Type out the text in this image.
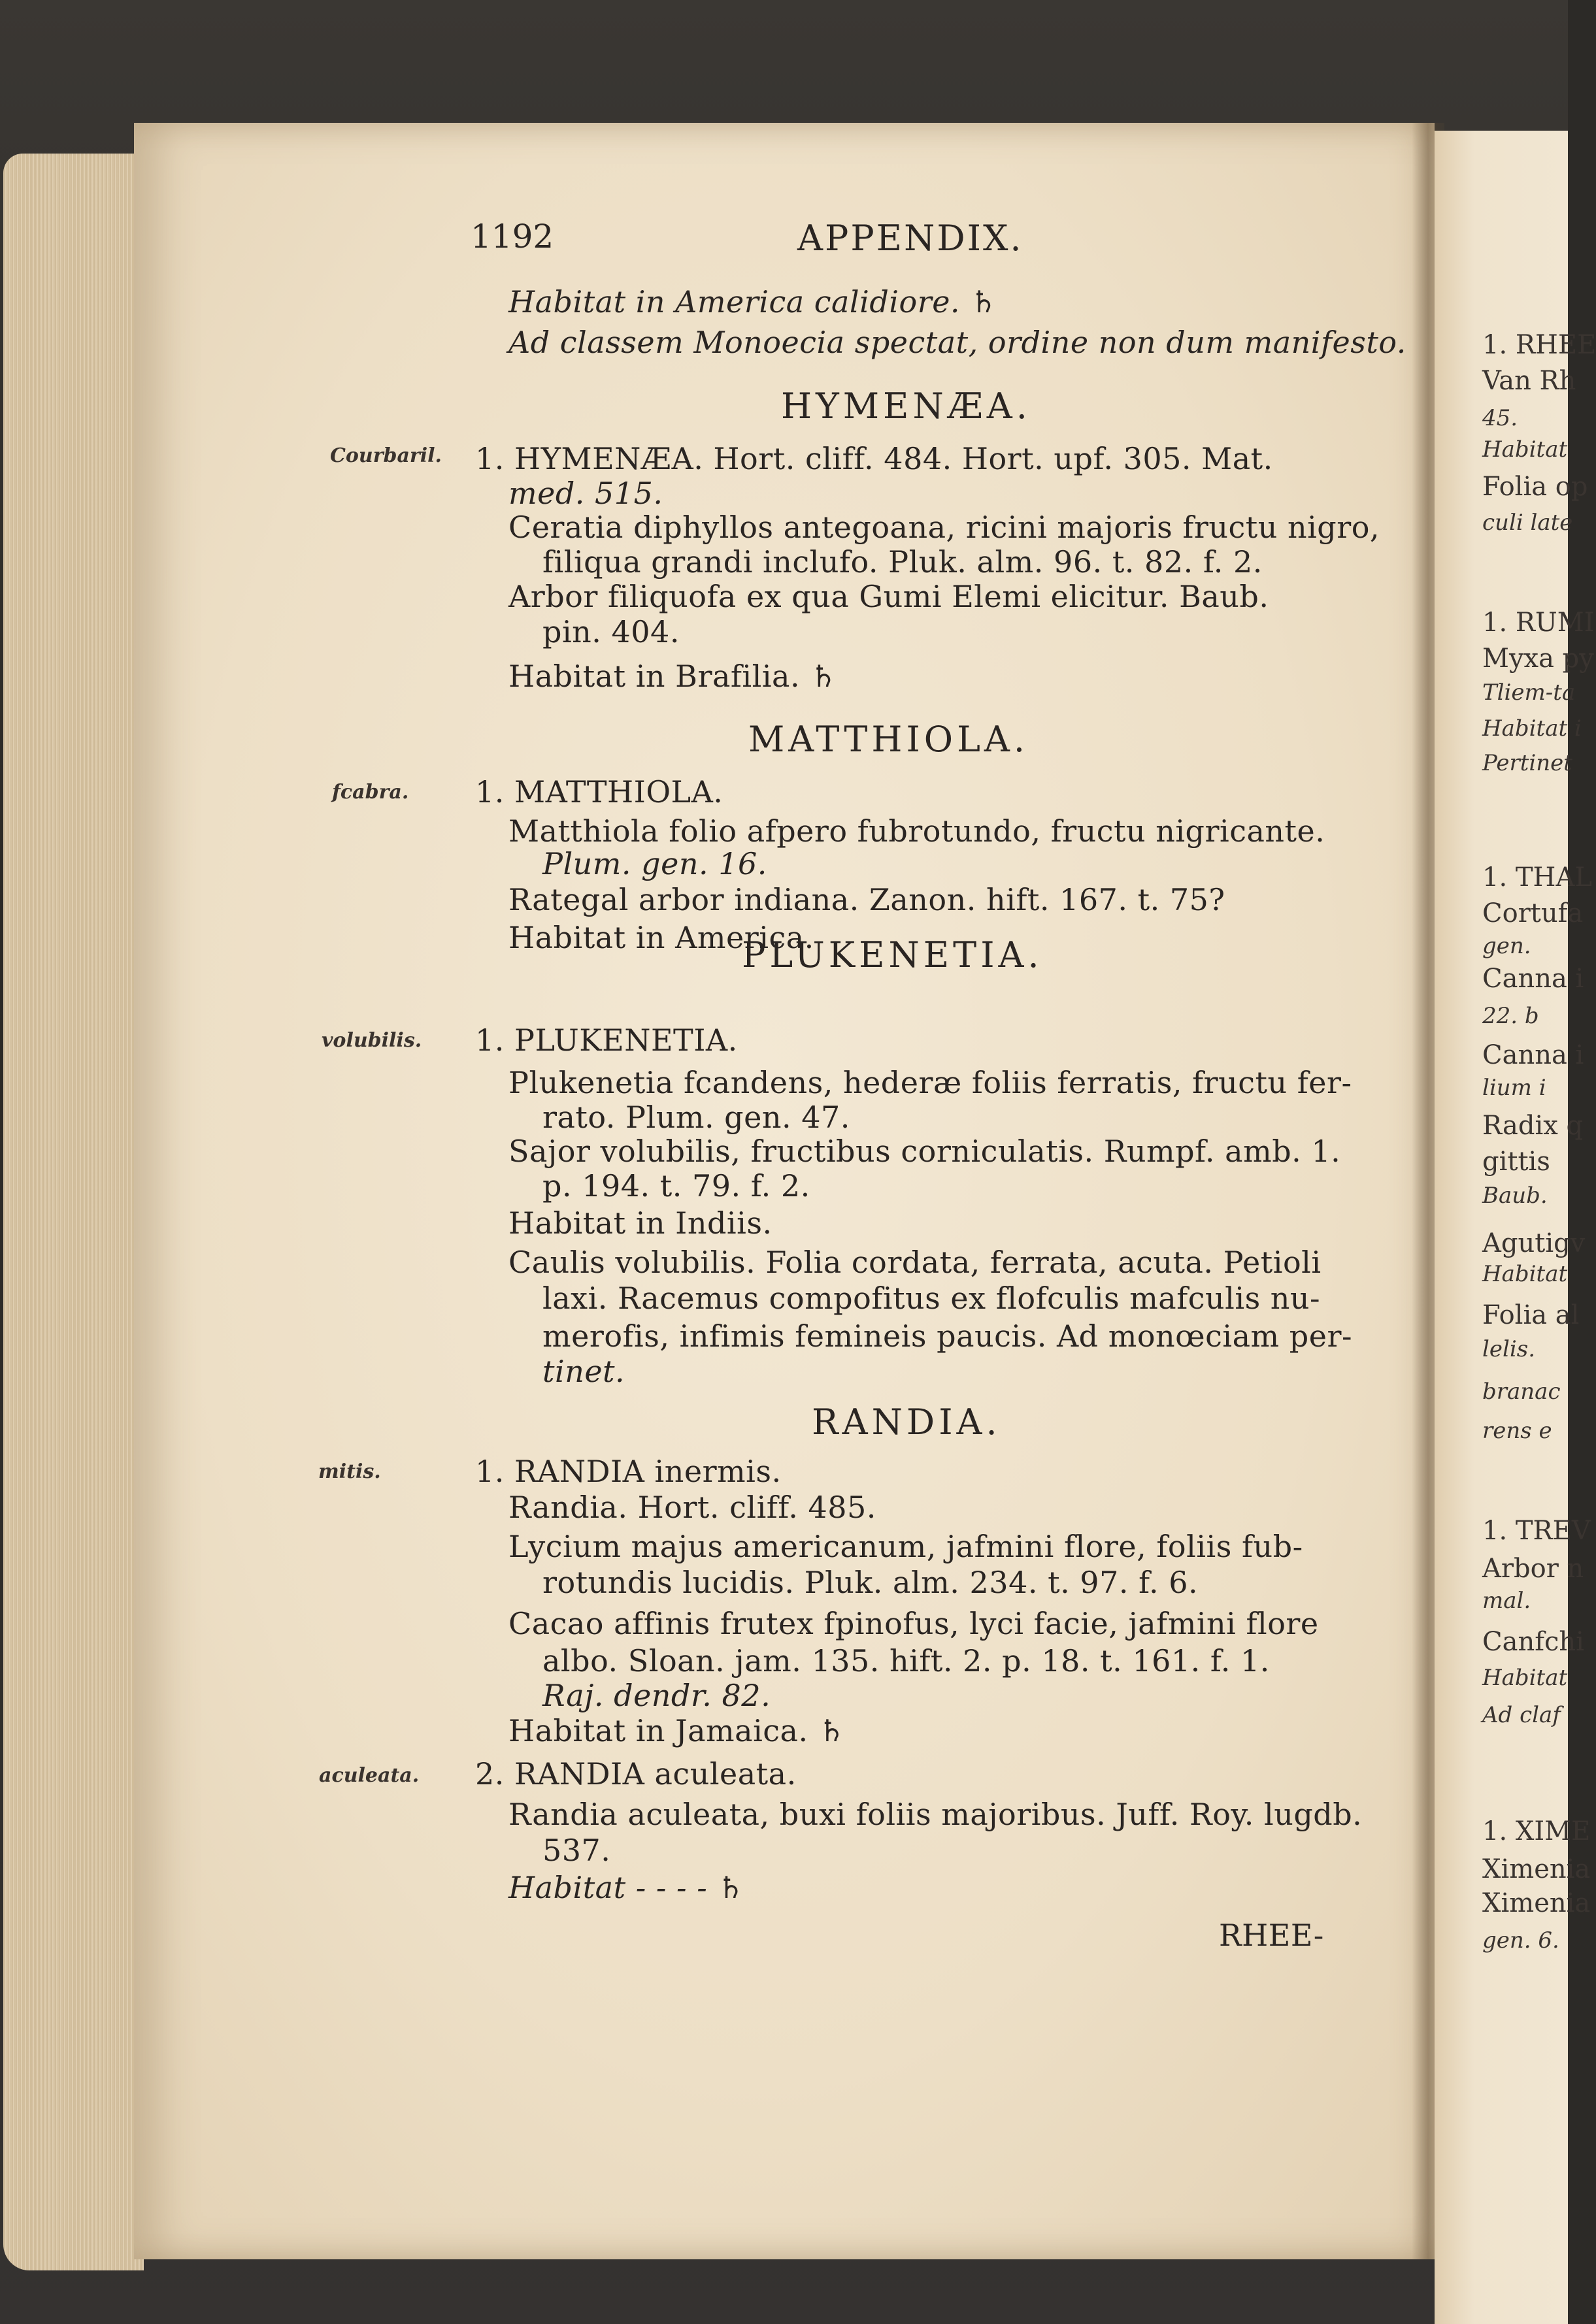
1192	APPENDIX.
Habitat in America calidiore. ♄
Ad classem Monoecia spectat, ordine non dum manifesto.
HYMENÆA.
Courbaril. 1. HYMENÆA. Hort. cliff. 484. Hort. upf. 305. Mat.
med. 515.
Ceratia diphyllos antegoana, ricini majoris fructu nigro,
filiqua grandi inclufo. Pluk. alm. 96. t. 82. f. 2.
Arbor filiquofa ex qua Gumi Elemi elicitur. Baub.
pin. 404.
Habitat in Brafilia. ♄
MATTHIOLA.
fcabra. 1. MATTHIOLA.
Matthiola folio afpero fubrotundo, fructu nigricante.
Plum. gen. 16.
Rategal arbor indiana. Zanon. hift. 167. t. 75?
Habitat in America.
PLUKENETIA.
volubilis. 1. PLUKENETIA.
Plukenetia fcandens, hederæ foliis ferratis, fructu fer-
rato. Plum. gen. 47.
Sajor volubilis, fructibus corniculatis. Rumpf. amb. 1.
p. 194. t. 79. f. 2.
Habitat in Indiis.
Caulis volubilis. Folia cordata, ferrata, acuta. Petioli
laxi. Racemus compofitus ex flofculis mafculis nu-
merofis, infimis femineis paucis. Ad monœciam per-
tinet.
RANDIA.
mitis.	1. RANDIA inermis.
Randia. Hort. cliff. 485.
Lycium majus americanum, jafmini flore, foliis fub-
rotundis lucidis. Pluk. alm. 234. t. 97. f. 6.
Cacao affinis frutex fpinofus, lyci facie, jafmini flore
albo. Sloan. jam. 135. hift. 2. p. 18. t. 161. f. 1.
Raj. dendr. 82.
Habitat in Jamaica. ♄
aculeata. 2. RANDIA aculeata.
Randia aculeata, buxi foliis majoribus. Juff. Roy. lugdb.
537.
Habitat - - - - ♄
RHEE-
1. RHEE
Van Rh
45.
Habitat
Folia op
culi late
1. RUMI
Myxa py
Tliem-ta
Habitat i
Pertinet
1. THAL
Cortufa
gen.
Canna i
22. b
Canna i
lium i
Radix q
gittis
Baub.
Agutigv
Habitat
Folia al
lelis.
branac
rens e
1. TREV
Arbor n
mal.
Canfchi
Habitat
Ad claf
1. XIME
Ximenia
Ximenia
gen. 6.
